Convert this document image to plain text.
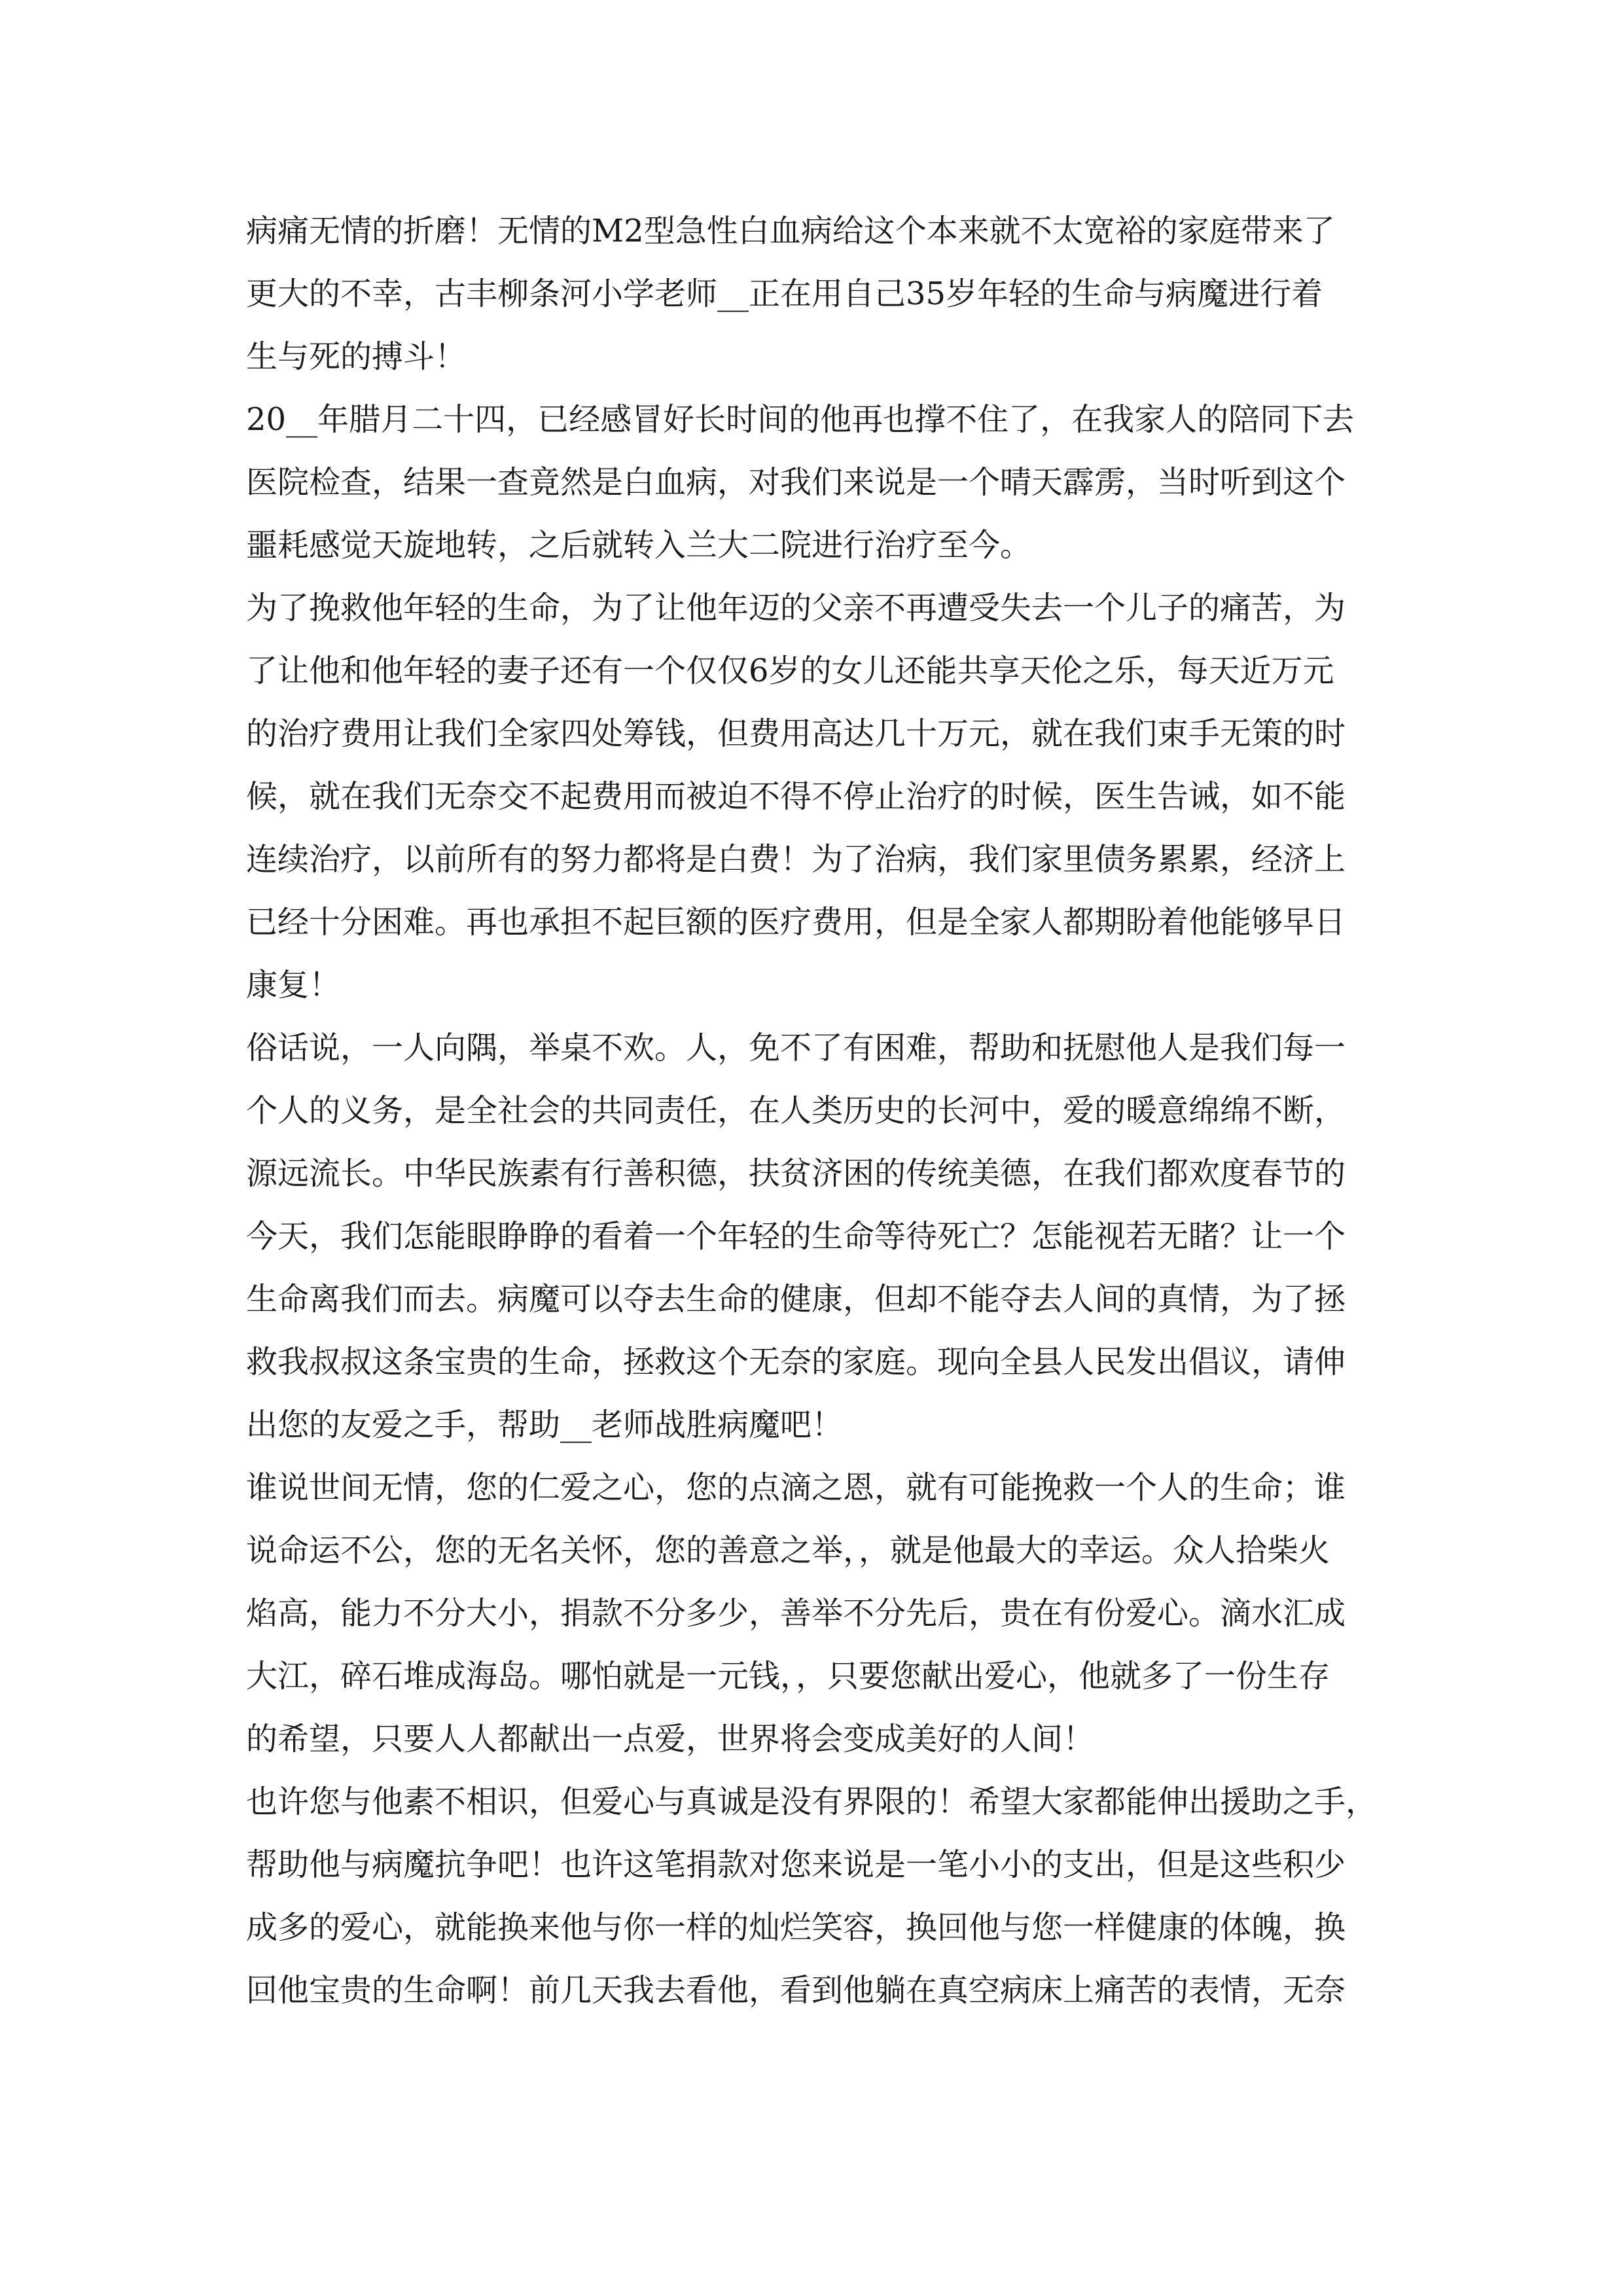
病痛无情的折磨！无情的M2型急性白血病给这个本来就不太宽裕的家庭带来了
更大的不幸，古丰柳条河小学老师__正在用自己35岁年轻的生命与病魔进行着
生与死的搏斗！
20__年腊月二十四，已经感冒好长时间的他再也撑不住了，在我家人的陪同下去
医院检查，结果一查竟然是白血病，对我们来说是一个晴天霹雳，当时听到这个
噩耗感觉天旋地转，之后就转入兰大二院进行治疗至今。
为了挽救他年轻的生命，为了让他年迈的父亲不再遭受失去一个儿子的痛苦，为
了让他和他年轻的妻子还有一个仅仅6岁的女儿还能共享天伦之乐，每天近万元
的治疗费用让我们全家四处筹钱，但费用高达几十万元，就在我们束手无策的时
候，就在我们无奈交不起费用而被迫不得不停止治疗的时候，医生告诫，如不能
连续治疗，以前所有的努力都将是白费！为了治病，我们家里债务累累，经济上
已经十分困难。再也承担不起巨额的医疗费用，但是全家人都期盼着他能够早日
康复！
俗话说，一人向隅，举桌不欢。人，免不了有困难，帮助和抚慰他人是我们每一
个人的义务，是全社会的共同责任，在人类历史的长河中，爱的暖意绵绵不断，
源远流长。中华民族素有行善积德，扶贫济困的传统美德，在我们都欢度春节的
今天，我们怎能眼睁睁的看着一个年轻的生命等待死亡？怎能视若无睹？让一个
生命离我们而去。病魔可以夺去生命的健康，但却不能夺去人间的真情，为了拯
救我叔叔这条宝贵的生命，拯救这个无奈的家庭。现向全县人民发出倡议，请伸
出您的友爱之手，帮助__老师战胜病魔吧！
谁说世间无情，您的仁爱之心，您的点滴之恩，就有可能挽救一个人的生命；谁
说命运不公，您的无名关怀，您的善意之举，，就是他最大的幸运。众人拾柴火
焰高，能力不分大小，捐款不分多少，善举不分先后，贵在有份爱心。滴水汇成
大江，碎石堆成海岛。哪怕就是一元钱，，只要您献出爱心，他就多了一份生存
的希望，只要人人都献出一点爱，世界将会变成美好的人间！
也许您与他素不相识，但爱心与真诚是没有界限的！希望大家都能伸出援助之手，
帮助他与病魔抗争吧！也许这笔捐款对您来说是一笔小小的支出，但是这些积少
成多的爱心，就能换来他与你一样的灿烂笑容，换回他与您一样健康的体魄，换
回他宝贵的生命啊！前几天我去看他，看到他躺在真空病床上痛苦的表情，无奈
